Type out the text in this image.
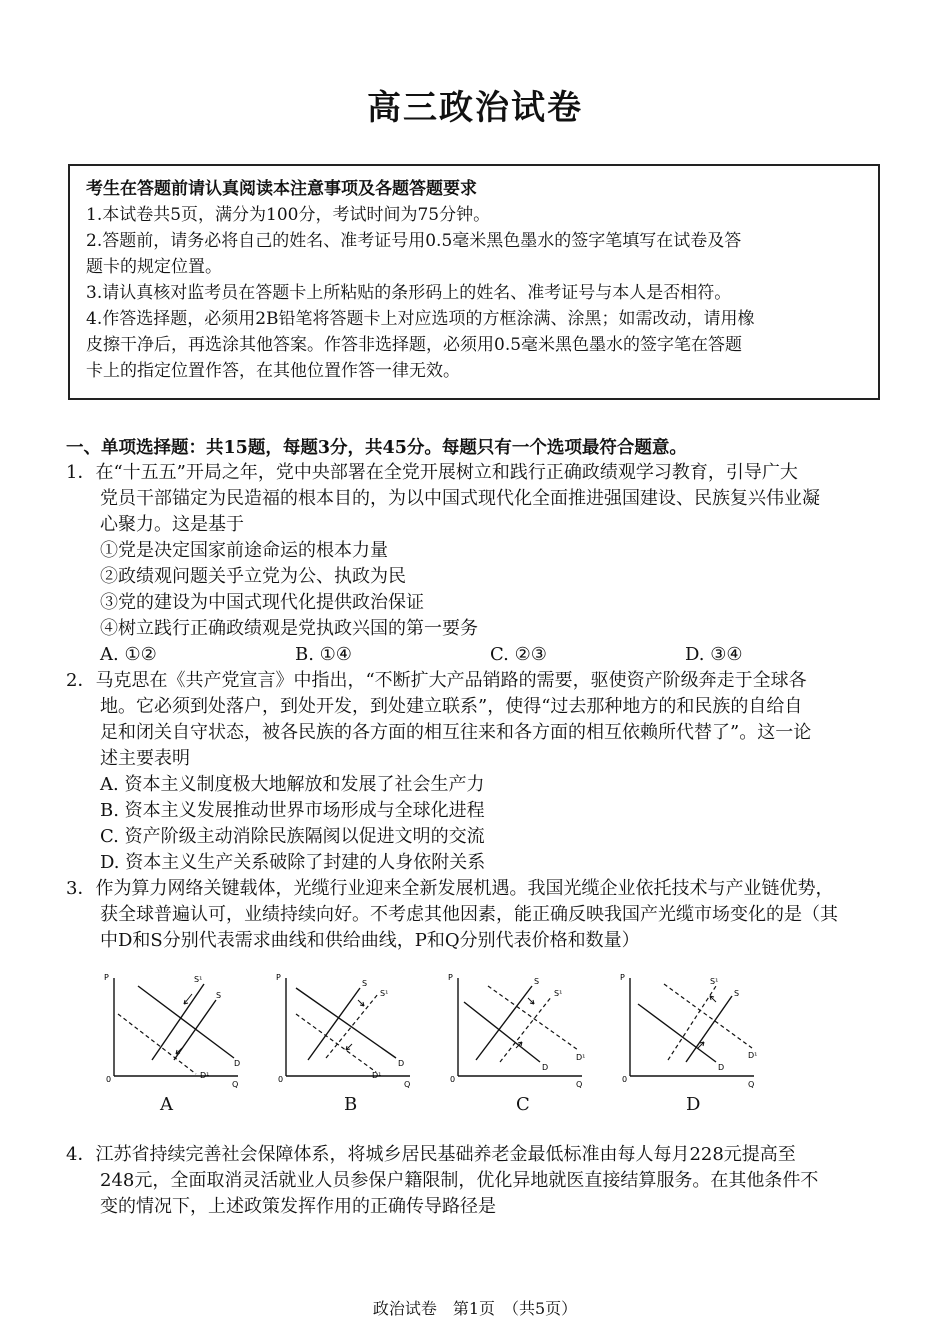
高三政治试卷
考生在答题前请认真阅读本注意事项及各题答题要求
1.本试卷共5页，满分为100分，考试时间为75分钟。
2.答题前，请务必将自己的姓名、准考证号用0.5毫米黑色墨水的签字笔填写在试卷及答
题卡的规定位置。
3.请认真核对监考员在答题卡上所粘贴的条形码上的姓名、准考证号与本人是否相符。
4.作答选择题，必须用2B铅笔将答题卡上对应选项的方框涂满、涂黑；如需改动，请用橡
皮擦干净后，再选涂其他答案。作答非选择题，必须用0.5毫米黑色墨水的签字笔在答题
卡上的指定位置作答，在其他位置作答一律无效。
一、单项选择题：共15题，每题3分，共45分。每题只有一个选项最符合题意。
1．在“十五五”开局之年，党中央部署在全党开展树立和践行正确政绩观学习教育，引导广大
党员干部锚定为民造福的根本目的，为以中国式现代化全面推进强国建设、民族复兴伟业凝
心聚力。这是基于
①党是决定国家前途命运的根本力量
②政绩观问题关乎立党为公、执政为民
③党的建设为中国式现代化提供政治保证
④树立践行正确政绩观是党执政兴国的第一要务
A. ①②	B. ①④	C. ②③	D. ③④
2．马克思在《共产党宣言》中指出，“不断扩大产品销路的需要，驱使资产阶级奔走于全球各
地。它必须到处落户，到处开发，到处建立联系”，使得“过去那种地方的和民族的自给自
足和闭关自守状态，被各民族的各方面的相互往来和各方面的相互依赖所代替了”。这一论
述主要表明
A. 资本主义制度极大地解放和发展了社会生产力
B. 资本主义发展推动世界市场形成与全球化进程
C. 资产阶级主动消除民族隔阂以促进文明的交流
D. 资本主义生产关系破除了封建的人身依附关系
3．作为算力网络关键载体，光缆行业迎来全新发展机遇。我国光缆企业依托技术与产业链优势，
获全球普遍认可，业绩持续向好。不考虑其他因素，能正确反映我国产光缆市场变化的是（其
中D和S分别代表需求曲线和供给曲线，P和Q分别代表价格和数量）
P
0
Q
S¹
S
D
D¹
A
P
0
Q
S
S¹
D
D¹
B
P
0
Q
S
S¹
D
D¹
C
P
0
Q
S¹
S
D
D¹
D
4．江苏省持续完善社会保障体系，将城乡居民基础养老金最低标准由每人每月228元提高至
248元，全面取消灵活就业人员参保户籍限制，优化异地就医直接结算服务。在其他条件不
变的情况下，上述政策发挥作用的正确传导路径是
政治试卷　第1页　（共5页）
